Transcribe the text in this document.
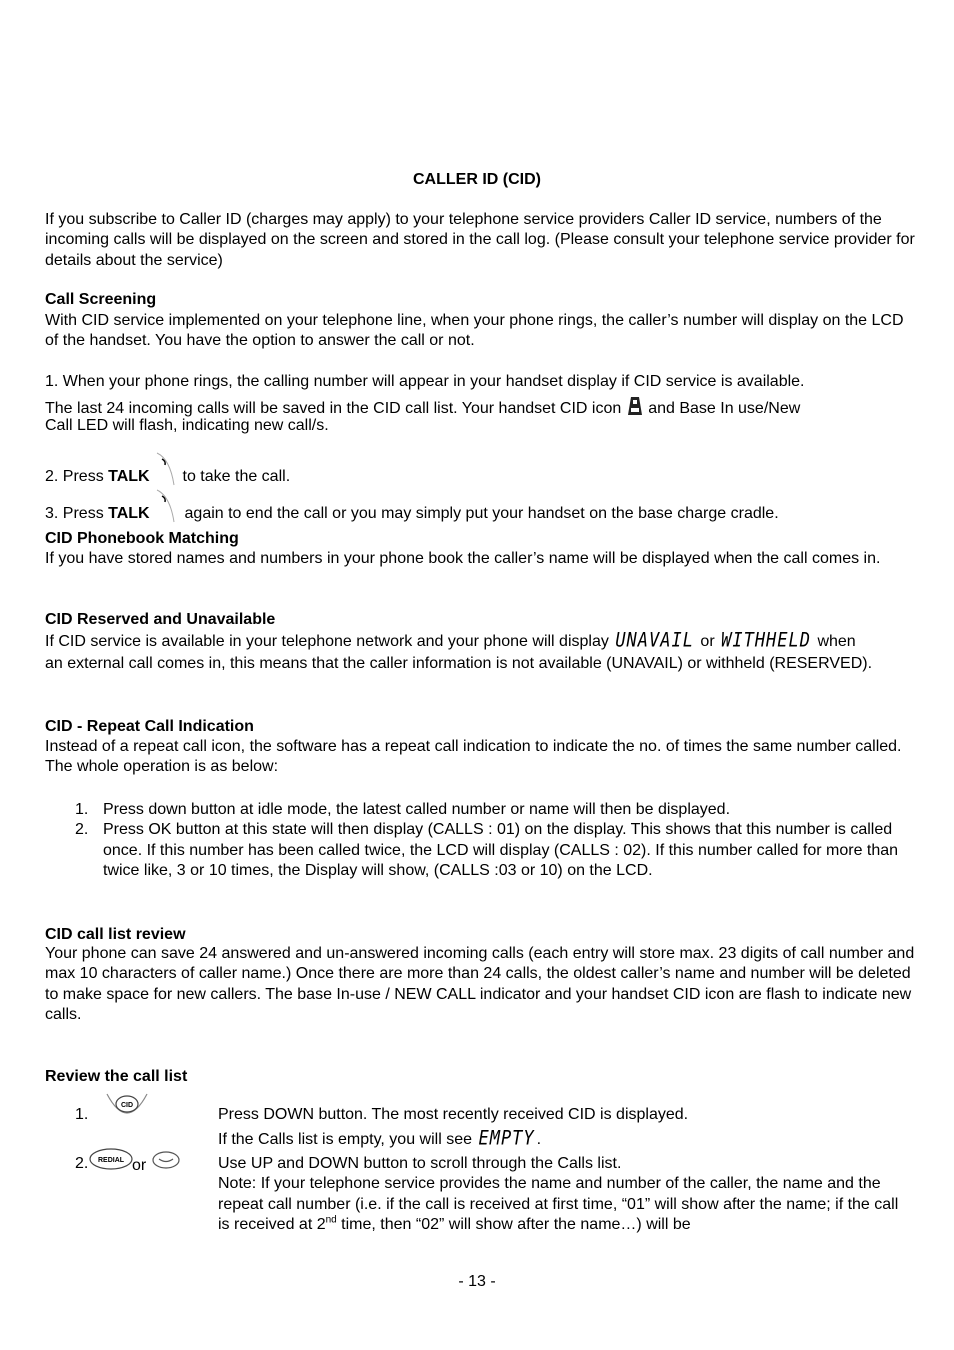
CALLER ID (CID)

If you subscribe to Caller ID (charges may apply) to your telephone service providers Caller ID service, numbers of the incoming calls will be displayed on the screen and stored in the call log. (Please consult your telephone service provider for details about the service)

Call Screening

With CID service implemented on your telephone line, when your phone rings, the caller’s number will display on the LCD of the handset. You have the option to answer the call or not.

1. When your phone rings, the calling number will appear in your handset display if CID service is available.

The last 24 incoming calls will be saved in the CID call list. Your handset CID icon and Base In use/New

Call LED will flash, indicating new call/s.

2. Press TALK to take the call.
3. Press TALK again to end the call or you may simply put your handset on the base charge cradle.

CID Phonebook Matching

If you have stored names and numbers in your phone book the caller’s name will be displayed when the call comes in.

CID Reserved and Unavailable

If CID service is available in your telephone network and your phone will display UNAVAIL or WITHHELD when

an external call comes in, this means that the caller information is not available (UNAVAIL) or withheld (RESERVED).

CID - Repeat Call Indication

Instead of a repeat call icon, the software has a repeat call indication to indicate the no. of times the same number called. The whole operation is as below:

1. Press down button at idle mode, the latest called number or name will then be displayed.
2. Press OK button at this state will then display (CALLS : 01) on the display. This shows that this number is called once. If this number has been called twice, the LCD will display (CALLS : 02). If this number called for more than twice like, 3 or 10 times, the Display will show, (CALLS :03 or 10) on the LCD.

CID call list review

Your phone can save 24 answered and un-answered incoming calls (each entry will store max. 23 digits of call number and max 10 characters of caller name.) Once there are more than 24 calls, the oldest caller’s name and number will be deleted to make space for new callers. The base In-use / NEW CALL indicator and your handset CID icon are flash to indicate new calls.

Review the call list

1.
CID

Press DOWN button. The most recently received CID is displayed.

If the Calls list is empty, you will see EMPTY .
2. REDIAL or	Use UP and DOWN button to scroll through the Calls list.

Note: If your telephone service provides the name and number of the caller, the name and the repeat call number (i.e. if the call is received at first time, “01” will show after the name; if the call is received at 2nd time, then “02” will show after the name…) will be

- 13 -
